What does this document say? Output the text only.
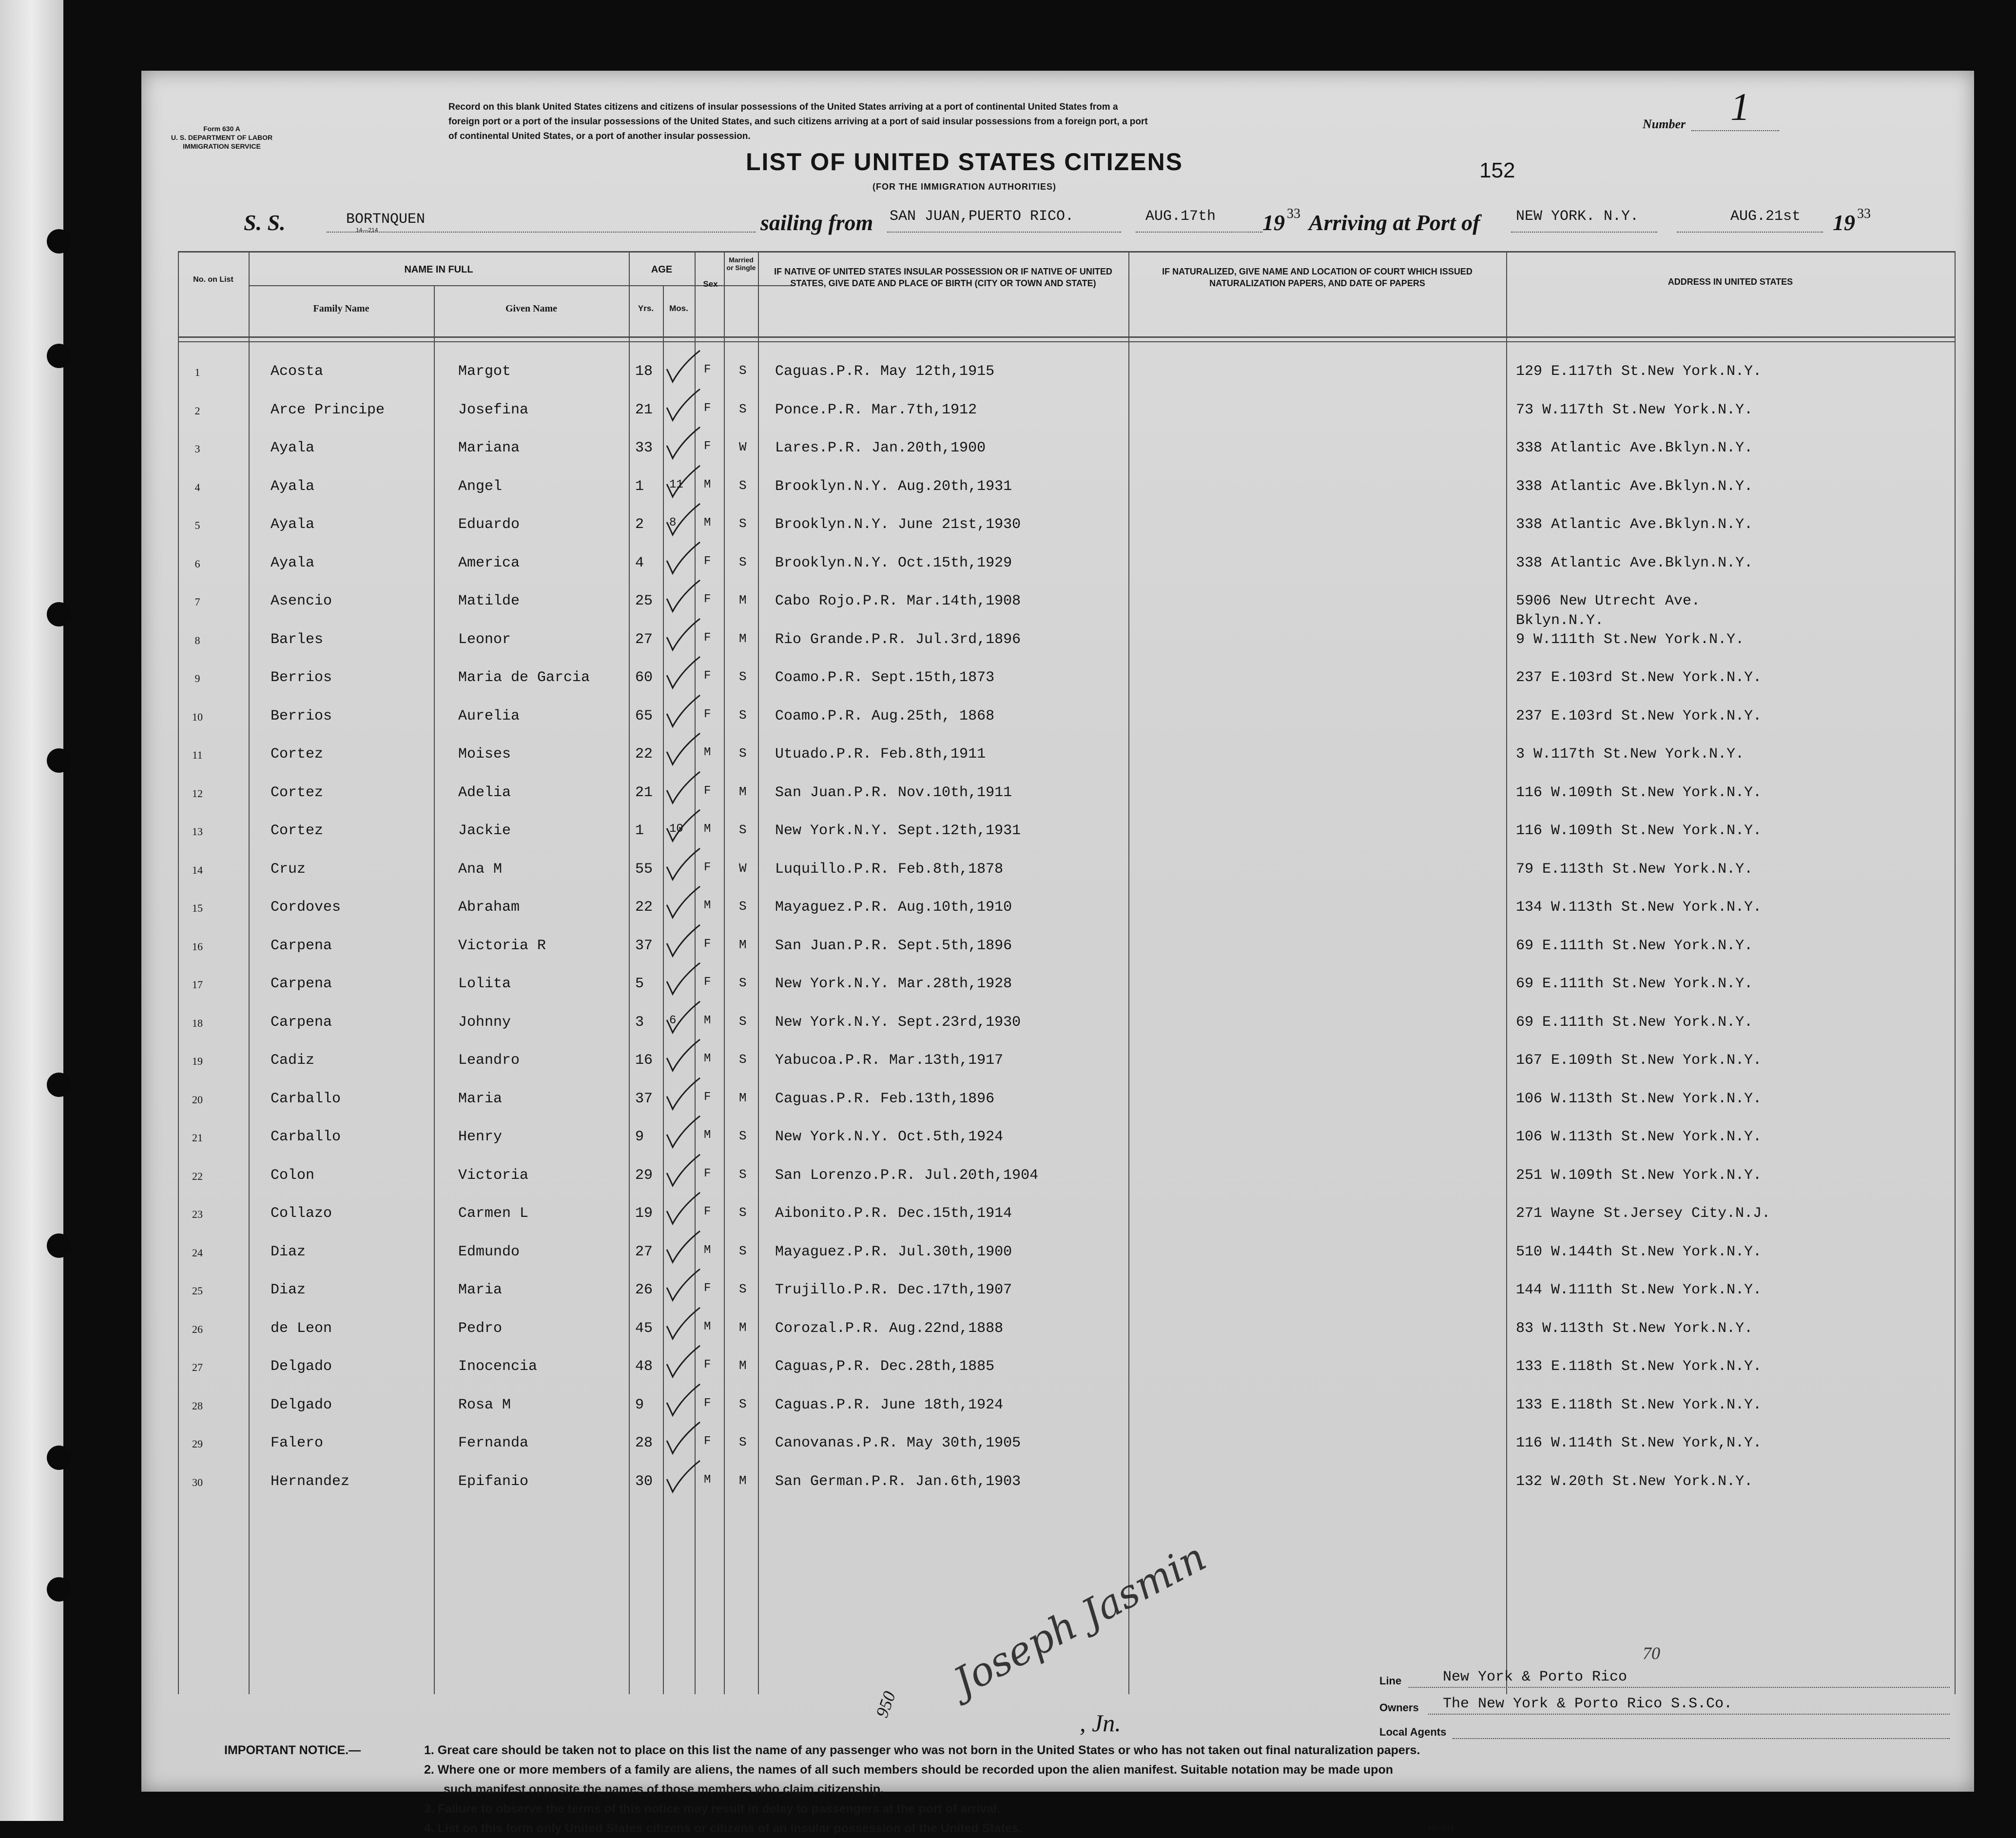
Form 630 A
U. S. DEPARTMENT OF LABOR
IMMIGRATION SERVICE
Record on this blank United States citizens and citizens of insular possessions of the United States arriving at a port of continental United States from a
foreign port or a port of the insular possessions of the United States, and such citizens arriving at a port of said insular possessions from a foreign port, a port
of continental United States, or a port of another insular possession.
Number 1
LIST OF UNITED STATES CITIZENS
(FOR THE IMMIGRATION AUTHORITIES)
152
S. S.	BORTNQUEN
14—214	sailing from SAN JUAN,PUERTO RICO.	AUG.17th 19 33 Arriving at Port of NEW YORK. N.Y.	AUG.21st 19 33
No. on List
NAME IN FULL
Family Name	Given Name
AGE
Yrs.	Mos.
Sex
Married or Single	IF NATIVE OF UNITED STATES INSULAR POSSESSION OR IF NATIVE OF UNITED STATES, GIVE DATE AND PLACE OF BIRTH (CITY OR TOWN AND STATE)
IF NATURALIZED, GIVE NAME AND LOCATION OF COURT WHICH ISSUED NATURALIZATION PAPERS, AND DATE OF PAPERS	ADDRESS IN UNITED STATES
1	Acosta	Margot	18	F S Caguas.P.R. May 12th,1915	129 E.117th St.New York.N.Y.
2	Arce Principe	Josefina	21	F S Ponce.P.R. Mar.7th,1912	73 W.117th St.New York.N.Y.
3	Ayala	Mariana	33	F W Lares.P.R. Jan.20th,1900	338 Atlantic Ave.Bklyn.N.Y.
4	Ayala	Angel	1 11 M S Brooklyn.N.Y. Aug.20th,1931	338 Atlantic Ave.Bklyn.N.Y.
5	Ayala	Eduardo	2 8 M S Brooklyn.N.Y. June 21st,1930	338 Atlantic Ave.Bklyn.N.Y.
6	Ayala	America	4	F S Brooklyn.N.Y. Oct.15th,1929	338 Atlantic Ave.Bklyn.N.Y.
7	Asencio	Matilde	25	F M Cabo Rojo.P.R. Mar.14th,1908	5906 New Utrecht Ave.
Bklyn.N.Y.
8	Barles	Leonor	27	F M Rio Grande.P.R. Jul.3rd,1896	9 W.111th St.New York.N.Y.
9	Berrios	Maria de Garcia	60	F S Coamo.P.R. Sept.15th,1873	237 E.103rd St.New York.N.Y.
10	Berrios	Aurelia	65	F S Coamo.P.R. Aug.25th, 1868	237 E.103rd St.New York.N.Y.
11	Cortez	Moises	22	M S Utuado.P.R. Feb.8th,1911	3 W.117th St.New York.N.Y.
12	Cortez	Adelia	21	F M San Juan.P.R. Nov.10th,1911	116 W.109th St.New York.N.Y.
13	Cortez	Jackie	1 10 M S New York.N.Y. Sept.12th,1931	116 W.109th St.New York.N.Y.
14	Cruz	Ana M	55	F W Luquillo.P.R. Feb.8th,1878	79 E.113th St.New York.N.Y.
15	Cordoves	Abraham	22	M S Mayaguez.P.R. Aug.10th,1910	134 W.113th St.New York.N.Y.
16	Carpena	Victoria R	37	F M San Juan.P.R. Sept.5th,1896	69 E.111th St.New York.N.Y.
17	Carpena	Lolita	5	F S New York.N.Y. Mar.28th,1928	69 E.111th St.New York.N.Y.
18	Carpena	Johnny	3 6 M S New York.N.Y. Sept.23rd,1930	69 E.111th St.New York.N.Y.
19	Cadiz	Leandro	16	M S Yabucoa.P.R. Mar.13th,1917	167 E.109th St.New York.N.Y.
20	Carballo	Maria	37	F M Caguas.P.R. Feb.13th,1896	106 W.113th St.New York.N.Y.
21	Carballo	Henry	9	M S New York.N.Y. Oct.5th,1924	106 W.113th St.New York.N.Y.
22	Colon	Victoria	29	F S San Lorenzo.P.R. Jul.20th,1904	251 W.109th St.New York.N.Y.
23	Collazo	Carmen L	19	F S Aibonito.P.R. Dec.15th,1914	271 Wayne St.Jersey City.N.J.
24	Diaz	Edmundo	27	M S Mayaguez.P.R. Jul.30th,1900	510 W.144th St.New York.N.Y.
25	Diaz	Maria	26	F S Trujillo.P.R. Dec.17th,1907	144 W.111th St.New York.N.Y.
26	de Leon	Pedro	45	M M Corozal.P.R. Aug.22nd,1888	83 W.113th St.New York.N.Y.
27	Delgado	Inocencia	48	F M Caguas,P.R. Dec.28th,1885	133 E.118th St.New York.N.Y.
28	Delgado	Rosa M	9	F S Caguas.P.R. June 18th,1924	133 E.118th St.New York.N.Y.
29	Falero	Fernanda	28	F S Canovanas.P.R. May 30th,1905	116 W.114th St.New York,N.Y.
30	Hernandez	Epifanio	30	M M San German.P.R. Jan.6th,1903	132 W.20th St.New York.N.Y.
70
950 Joseph Jasmin
, Jn.
Line	New York & Porto Rico
Owners The New York & Porto Rico S.S.Co.
Local Agents
IMPORTANT NOTICE.—	1. Great care should be taken not to place on this list the name of any passenger who was not born in the United States or who has not taken out final naturalization papers.
2. Where one or more members of a family are aliens, the names of all such members should be recorded upon the alien manifest. Suitable notation may be made upon
such manifest opposite the names of those members who claim citizenship.
3. Failure to observe the terms of this notice may result in delay to passengers at the port of arrival.
4. List on this form only United States citizens or citizens of an insular possession of the United States.	14—214
